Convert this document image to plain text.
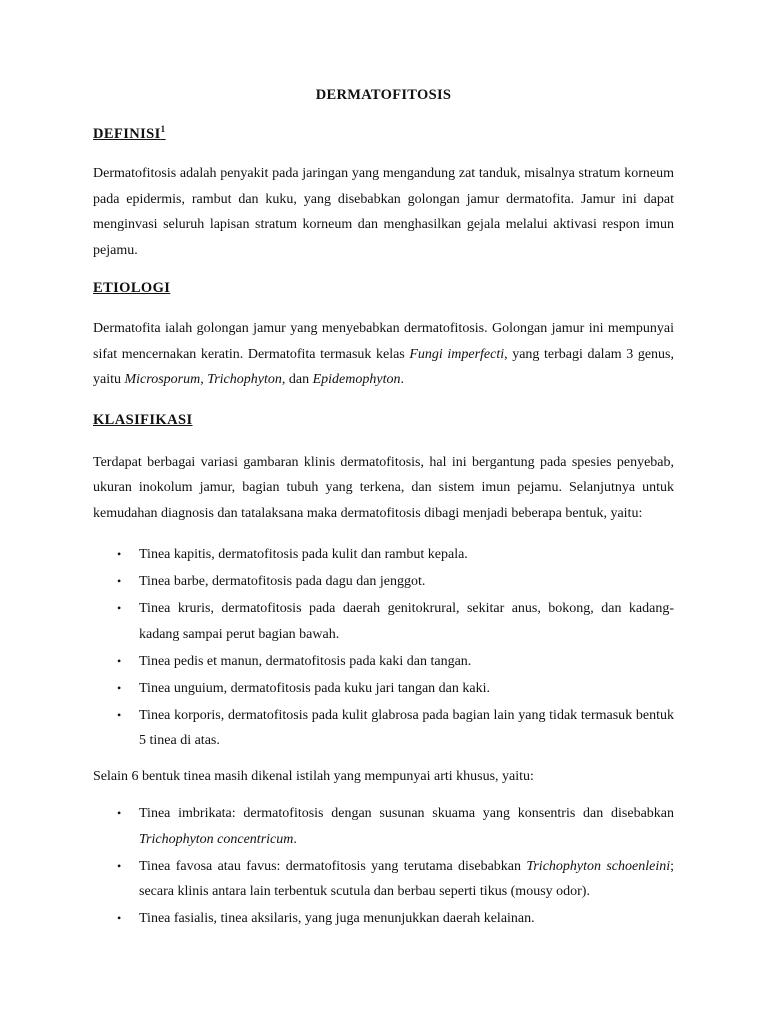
DERMATOFITOSIS
DEFINISI$^1$

Dermatofitosis adalah penyakit pada jaringan yang mengandung zat tanduk, misalnya stratum korneum pada epidermis, rambut dan kuku, yang disebabkan golongan jamur dermatofita. Jamur ini dapat menginvasi seluruh lapisan stratum korneum dan menghasilkan gejala melalui aktivasi respon imun pejamu.

ETIOLOGI

Dermatofita ialah golongan jamur yang menyebabkan dermatofitosis. Golongan jamur ini mempunyai sifat mencernakan keratin. Dermatofita termasuk kelas Fungi imperfecti, yang terbagi dalam 3 genus, yaitu Microsporum, Trichophyton, dan Epidemophyton.

KLASIFIKASI

Terdapat berbagai variasi gambaran klinis dermatofitosis, hal ini bergantung pada spesies penyebab, ukuran inokolum jamur, bagian tubuh yang terkena, dan sistem imun pejamu. Selanjutnya untuk kemudahan diagnosis dan tatalaksana maka dermatofitosis dibagi menjadi beberapa bentuk, yaitu:

• Tinea kapitis, dermatofitosis pada kulit dan rambut kepala.
• Tinea barbe, dermatofitosis pada dagu dan jenggot.
• Tinea kruris, dermatofitosis pada daerah genitokrural, sekitar anus, bokong, dan kadang-kadang sampai perut bagian bawah.
• Tinea pedis et manun, dermatofitosis pada kaki dan tangan.
• Tinea unguium, dermatofitosis pada kuku jari tangan dan kaki.
• Tinea korporis, dermatofitosis pada kulit glabrosa pada bagian lain yang tidak termasuk bentuk 5 tinea di atas.

Selain 6 bentuk tinea masih dikenal istilah yang mempunyai arti khusus, yaitu:

• Tinea imbrikata: dermatofitosis dengan susunan skuama yang konsentris dan disebabkan Trichophyton concentricum.
• Tinea favosa atau favus: dermatofitosis yang terutama disebabkan Trichophyton schoenleini; secara klinis antara lain terbentuk scutula dan berbau seperti tikus (mousy odor).
• Tinea fasialis, tinea aksilaris, yang juga menunjukkan daerah kelainan.
